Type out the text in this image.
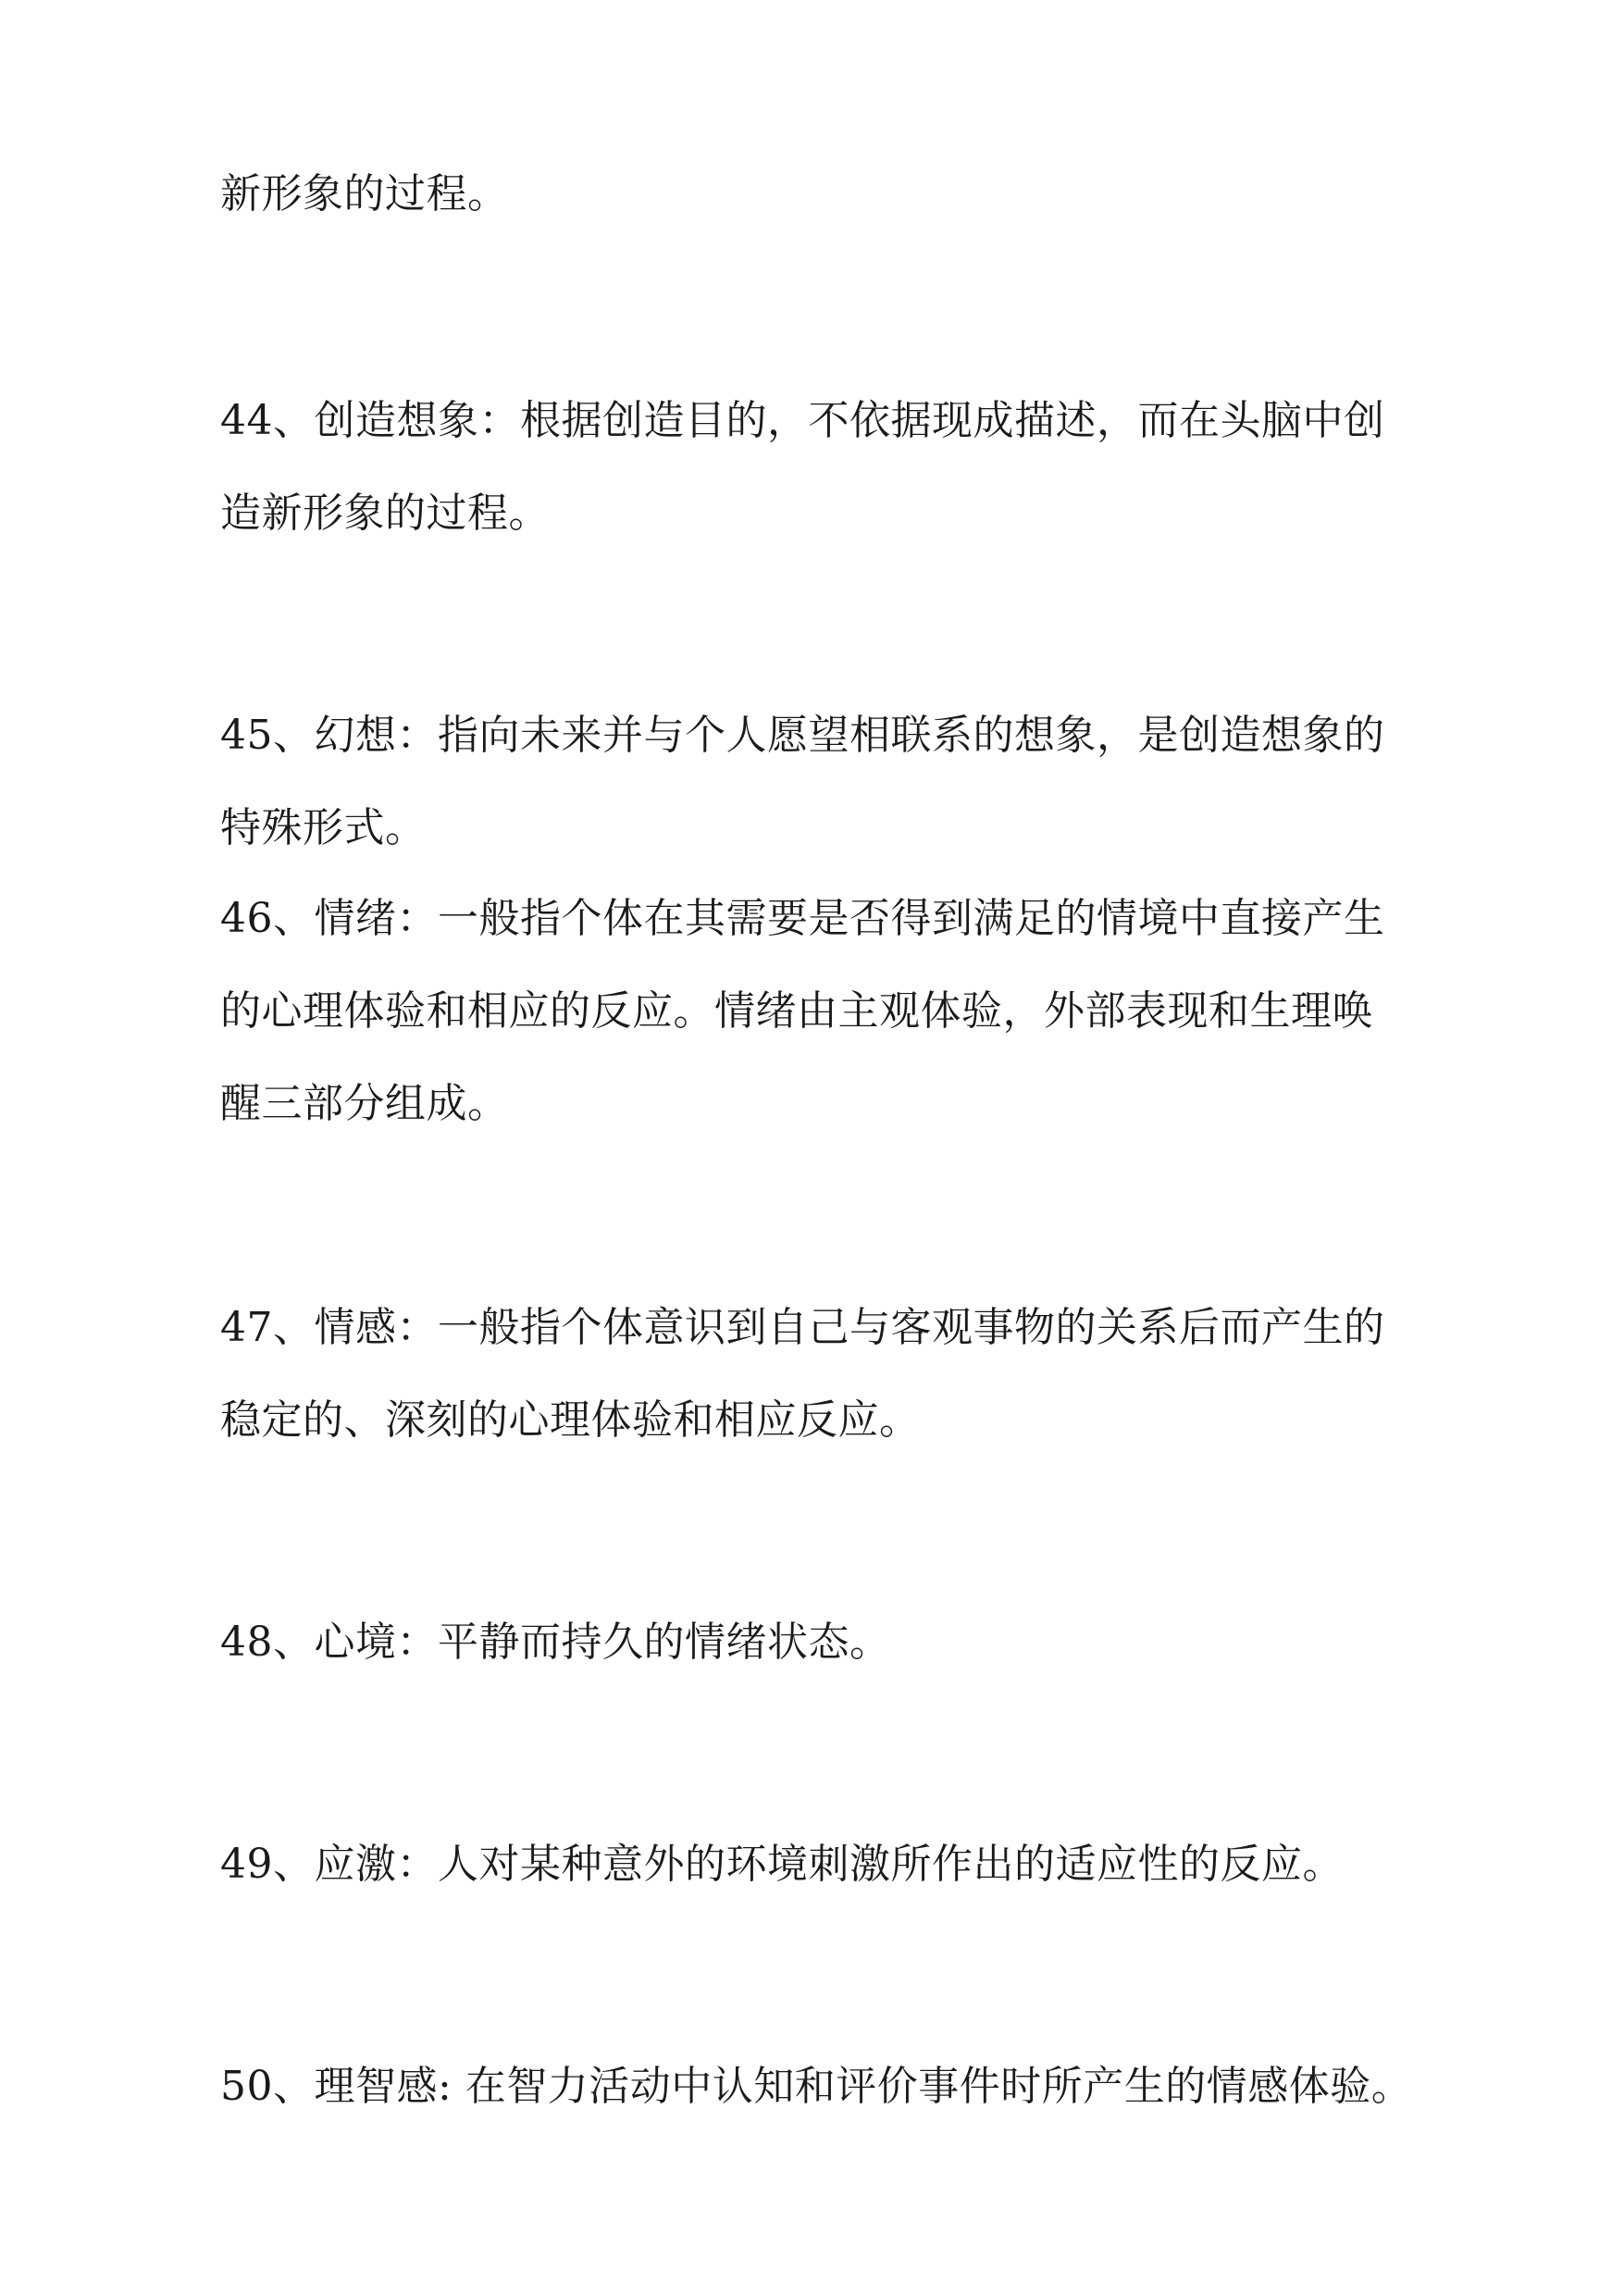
新形象的过程。
44、创造想象：根据创造目的，不依据现成描述，而在头脑中创
造新形象的过程。
45、幻想：指向未来并与个人愿望相联系的想象，是创造想象的
特殊形式。
46、情绪：一般指个体在其需要是否得到满足的情境中直接产生
的心理体验和相应的反应。情绪由主观体验，外部表现和生理唤
醒三部分组成。
47、情感：一般指个体意识到自己与客观事物的关系后而产生的
稳定的、深刻的心理体验和相应反应。
48、心境：平静而持久的情绪状态。
49、应激：人对某种意外的环境刺激所作出的适应性的反应。
50、理智感: 在智力活动中认知和评价事件时所产生的情感体验。
